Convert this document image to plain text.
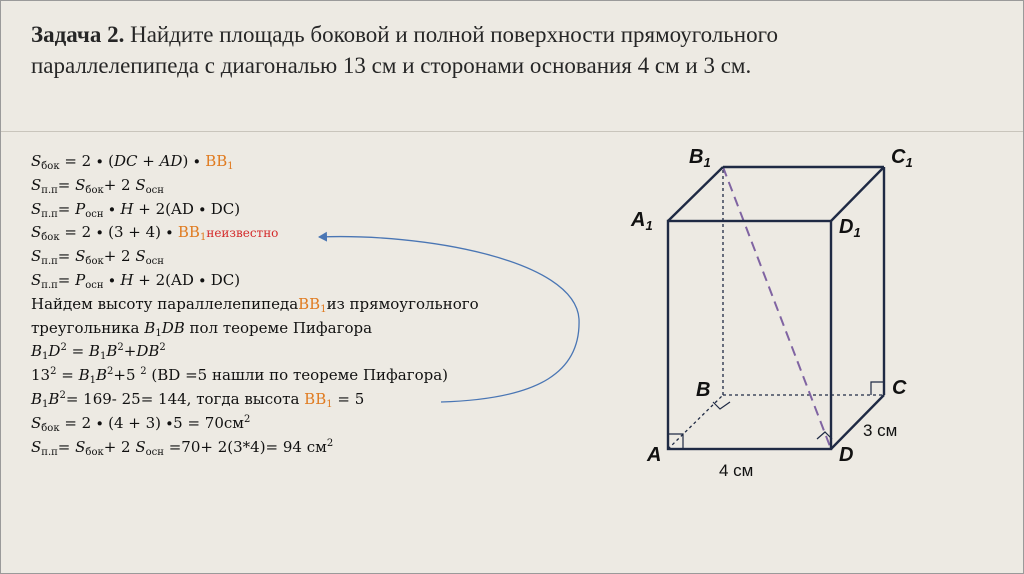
Задача 2. Найдите площадь боковой и полной поверхности прямоугольного параллелепипеда с диагональю 13 см и сторонами основания 4 см и 3 см.

$S_{бок} = 2 \cdot (DC + AD) \cdot BB_1$
$S_{п.п}= S_{бок}+ 2$ $S_{осн}$
$S_{п.п}= P_{осн} \cdot H + 2(AD \cdot DC)$
$S_{бок} = 2 \cdot (3 + 4)$ ∙ $BB_1неизвестно$
$S_{п.п}= S_{бок}+ 2$ $S_{осн}$
$S_{п.п}= P_{осн} \cdot H + 2(AD \cdot DC)$
Найдем высоту параллелепипедаBB$_1$из прямоугольного
треугольника $B_1DB$ пол теореме Пифагора
$B_1D^2 = B_1B^2+DB^2$
$13^2 = B_1B^2+5$ $^2$ (BD =5 нашли по теореме Пифагора)
$B_1B^2= 169-$ 25= 144, тогда высота $BB_1 = 5$
$S_{бок} = 2 \cdot (4 + 3) \cdot 5 = 70см^2$
$S_{п.п}= S_{бок}+ 2$ $S_{осн} =70+ 2(3*4)= 94$ $см^2$
$B_1$	$C_1$
$A_1$	$D_1$
B	C
A	D
4 см
3 см
